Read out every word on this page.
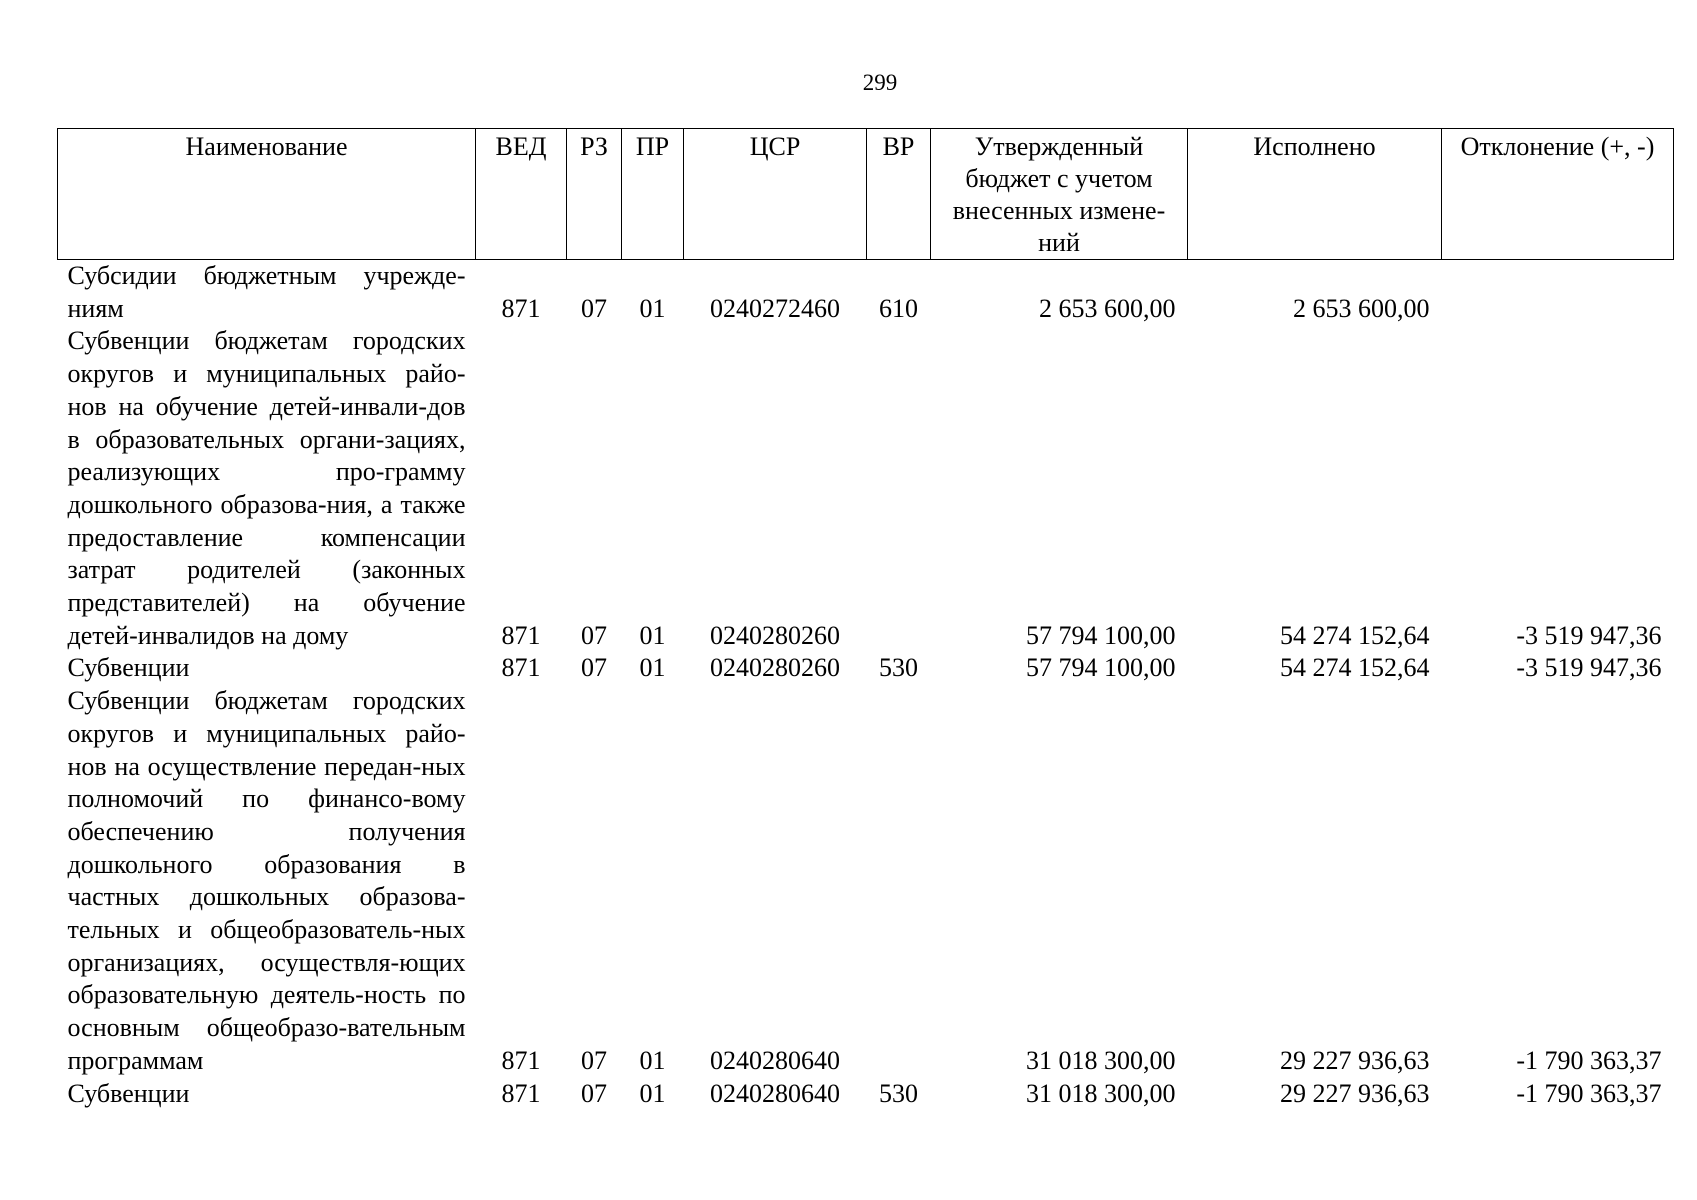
299
Наименование	ВЕД	РЗ	ПР	ЦСР	ВР	Утвержденный бюджет с учетом внесенных измене-ний	Исполнено	Отклонение (+, -)
Субсидии бюджетным учрежде-ниям	871	07	01	0240272460	610	2 653 600,00	2 653 600,00	
Субвенции бюджетам городских округов и муниципальных райо-нов на обучение детей-инвали-дов в образовательных органи-зациях, реализующих про-грамму дошкольного образова-ния, а также предоставление компенсации затрат родителей (законных представителей) на обучение детей-инвалидов на дому	871	07	01	0240280260		57 794 100,00	54 274 152,64	-3 519 947,36
Субвенции	871	07	01	0240280260	530	57 794 100,00	54 274 152,64	-3 519 947,36
Субвенции бюджетам городских округов и муниципальных райо-нов на осуществление передан-ных полномочий по финансо-вому обеспечению получения дошкольного образования в частных дошкольных образова-тельных и общеобразователь-ных организациях, осуществля-ющих образовательную деятель-ность по основным общеобразо-вательным программам	871	07	01	0240280640		31 018 300,00	29 227 936,63	-1 790 363,37
Субвенции	871	07	01	0240280640	530	31 018 300,00	29 227 936,63	-1 790 363,37
